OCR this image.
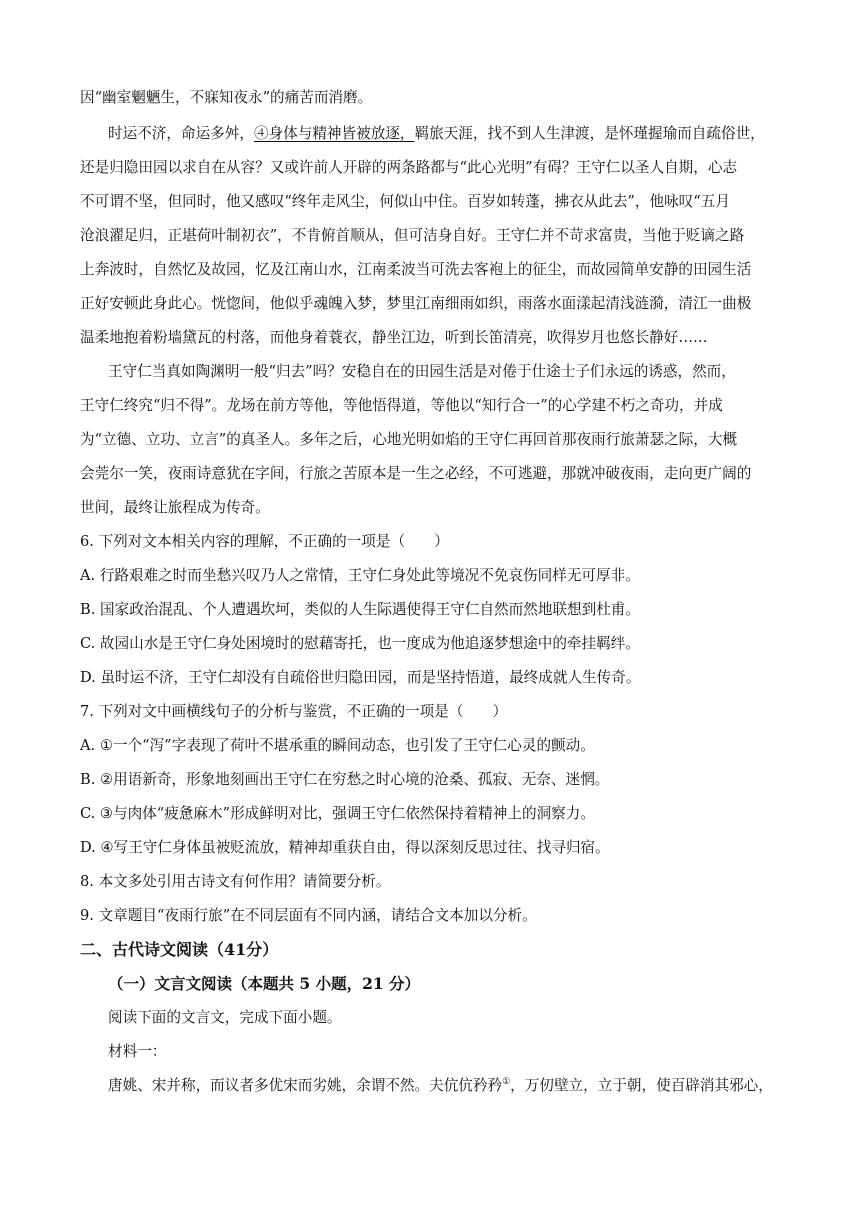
因“幽室魍魉生，不寐知夜永”的痛苦而消磨。
时运不济，命运多舛，④身体与精神皆被放逐，羁旅天涯，找不到人生津渡，是怀瑾握瑜而自疏俗世，
还是归隐田园以求自在从容？又或许前人开辟的两条路都与“此心光明”有碍？王守仁以圣人自期，心志
不可谓不坚，但同时，他又感叹“终年走风尘，何似山中住。百岁如转蓬，拂衣从此去”，他咏叹“五月
沧浪濯足归，正堪荷叶制初衣”，不肯俯首顺从，但可洁身自好。王守仁并不苛求富贵，当他于贬谪之路
上奔波时，自然忆及故园，忆及江南山水，江南柔波当可洗去客袍上的征尘，而故园简单安静的田园生活
正好安顿此身此心。恍惚间，他似乎魂魄入梦，梦里江南细雨如织，雨落水面漾起清浅涟漪，清江一曲极
温柔地抱着粉墙黛瓦的村落，而他身着蓑衣，静坐江边，听到长笛清亮，吹得岁月也悠长静好……
王守仁当真如陶渊明一般“归去”吗？安稳自在的田园生活是对倦于仕途士子们永远的诱惑，然而，
王守仁终究“归不得”。龙场在前方等他，等他悟得道，等他以“知行合一”的心学建不朽之奇功，并成
为“立德、立功、立言”的真圣人。多年之后，心地光明如焰的王守仁再回首那夜雨行旅萧瑟之际，大概
会莞尔一笑，夜雨诗意犹在字间，行旅之苦原本是一生之必经，不可逃避，那就冲破夜雨，走向更广阔的
世间，最终让旅程成为传奇。
6. 下列对文本相关内容的理解，不正确的一项是（　　）
A. 行路艰难之时而坐愁兴叹乃人之常情，王守仁身处此等境况不免哀伤同样无可厚非。
B. 国家政治混乱、个人遭遇坎坷，类似的人生际遇使得王守仁自然而然地联想到杜甫。
C. 故园山水是王守仁身处困境时的慰藉寄托，也一度成为他追逐梦想途中的牵挂羁绊。
D. 虽时运不济，王守仁却没有自疏俗世归隐田园，而是坚持悟道，最终成就人生传奇。
7. 下列对文中画横线句子的分析与鉴赏，不正确的一项是（　　）
A. ①一个“泻”字表现了荷叶不堪承重的瞬间动态，也引发了王守仁心灵的颤动。
B. ②用语新奇，形象地刻画出王守仁在穷愁之时心境的沧桑、孤寂、无奈、迷惘。
C. ③与肉体“疲惫麻木”形成鲜明对比，强调王守仁依然保持着精神上的洞察力。
D. ④写王守仁身体虽被贬流放，精神却重获自由，得以深刻反思过往、找寻归宿。
8. 本文多处引用古诗文有何作用？请简要分析。
9. 文章题目“夜雨行旅”在不同层面有不同内涵，请结合文本加以分析。
二、古代诗文阅读（41分）
（一）文言文阅读（本题共 5 小题，21 分）
阅读下面的文言文，完成下面小题。
材料一：
唐姚、宋并称，而议者多优宋而劣姚，余谓不然。夫伉伉矜矜①，万仞壁立，立于朝，使百辟消其邪心，
